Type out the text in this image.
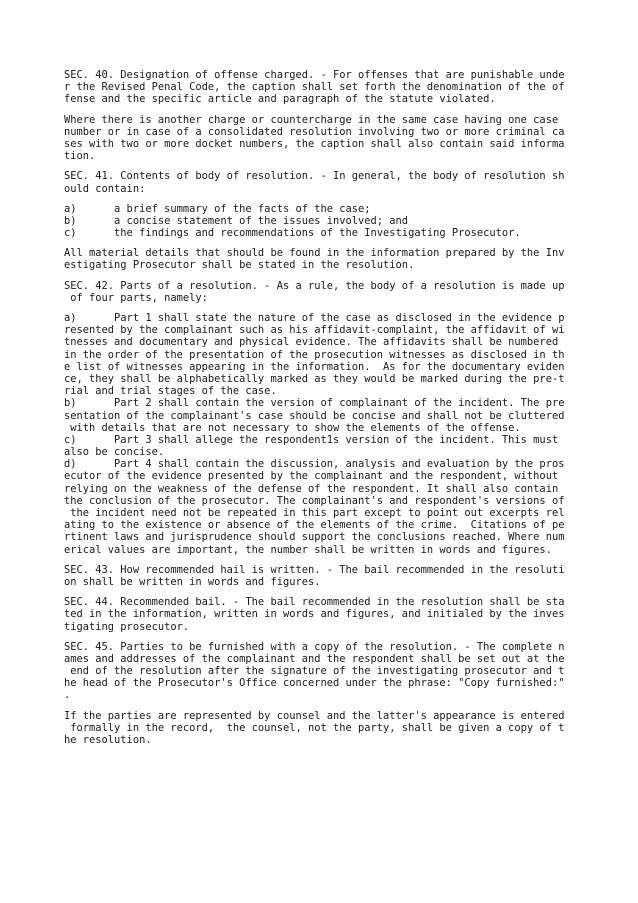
SEC. 40. Designation of offense charged. - For offenses that are punishable unde
r the Revised Penal Code, the caption shall set forth the denomination of the of
fense and the specific article and paragraph of the statute violated.
Where there is another charge or countercharge in the same case having one case
number or in case of a consolidated resolution involving two or more criminal ca
ses with two or more docket numbers, the caption shall also contain said informa
tion.
SEC. 41. Contents of body of resolution. - In general, the body of resolution sh
ould contain:
a)      a brief summary of the facts of the case;
b)      a concise statement of the issues involved; and
c)      the findings and recommendations of the Investigating Prosecutor.
All material details that should be found in the information prepared by the Inv
estigating Prosecutor shall be stated in the resolution.
SEC. 42. Parts of a resolution. - As a rule, the body of a resolution is made up
of four parts, namely:
a)      Part 1 shall state the nature of the case as disclosed in the evidence p
resented by the complainant such as his affidavit-complaint, the affidavit of wi
tnesses and documentary and physical evidence. The affidavits shall be numbered
in the order of the presentation of the prosecution witnesses as disclosed in th
e list of witnesses appearing in the information.  As for the documentary eviden
ce, they shall be alphabetically marked as they would be marked during the pre-t
rial and trial stages of the case.
b)      Part 2 shall contain the version of complainant of the incident. The pre
sentation of the complainant's case should be concise and shall not be cluttered
with details that are not necessary to show the elements of the offense.
c)      Part 3 shall allege the respondent1s version of the incident. This must
also be concise.
d)      Part 4 shall contain the discussion, analysis and evaluation by the pros
ecutor of the evidence presented by the complainant and the respondent, without
relying on the weakness of the defense of the respondent. It shall also contain
the conclusion of the prosecutor. The complainant's and respondent's versions of
the incident need not be repeated in this part except to point out excerpts rel
ating to the existence or absence of the elements of the crime.  Citations of pe
rtinent laws and jurisprudence should support the conclusions reached. Where num
erical values are important, the number shall be written in words and figures.
SEC. 43. How recommended hail is written. - The bail recommended in the resoluti
on shall be written in words and figures.
SEC. 44. Recommended bail. - The bail recommended in the resolution shall be sta
ted in the information, written in words and figures, and initialed by the inves
tigating prosecutor.
SEC. 45. Parties to be furnished with a copy of the resolution. - The complete n
ames and addresses of the complainant and the respondent shall be set out at the
end of the resolution after the signature of the investigating prosecutor and t
he head of the Prosecutor's Office concerned under the phrase: "Copy furnished:"
.
If the parties are represented by counsel and the latter's appearance is entered
formally in the record,  the counsel, not the party, shall be given a copy of t
he resolution.
